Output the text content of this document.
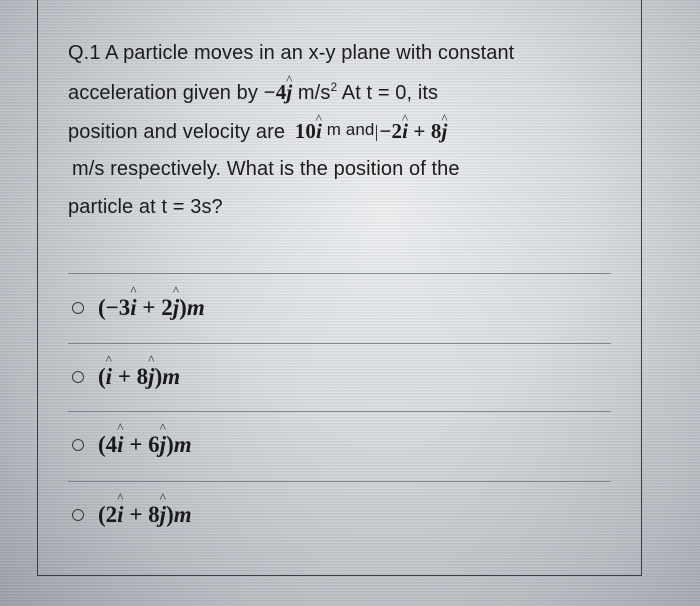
Q.1 A particle moves in an x-y plane with constant
acceleration given by −4j ^ $m/s^2$ At t = 0, its
position and velocity are 10i ^ m and −2i ^ + 8j ^
m/s respectively. What is the position of the
particle at t = 3s?
(−3i ^ + 2j ^)m
(i ^ + 8j ^)m
(4i ^ + 6j ^)m
(2i ^ + 8j ^)m
